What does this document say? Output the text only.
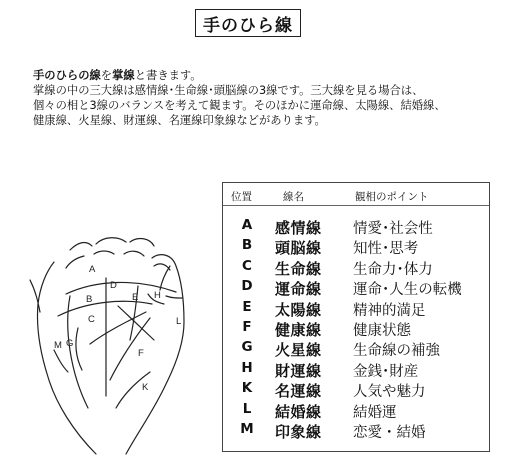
手のひら線
手のひらの線を掌線と書きます。
掌線の中の三大線は感情線･生命線･頭脳線の3線です。三大線を見る場合は、
個々の相と3線のバランスを考えて観ます。そのほかに運命線、太陽線、結婚線、
健康線、火星線、財運線、名運線印象線などがあります。
A
B
C
D
E
F
G
H
K
L
M
位置	線名	観相のポイント
A 感情線 情愛･社会性
B 頭脳線 知性･思考
C 生命線 生命力･体力
D 運命線 運命･人生の転機
E 太陽線 精神的満足
F 健康線 健康状態
G 火星線 生命線の補強
H 財運線 金銭･財産
K 名運線 人気や魅力
L 結婚線 結婚運
M 印象線 恋愛・結婚
